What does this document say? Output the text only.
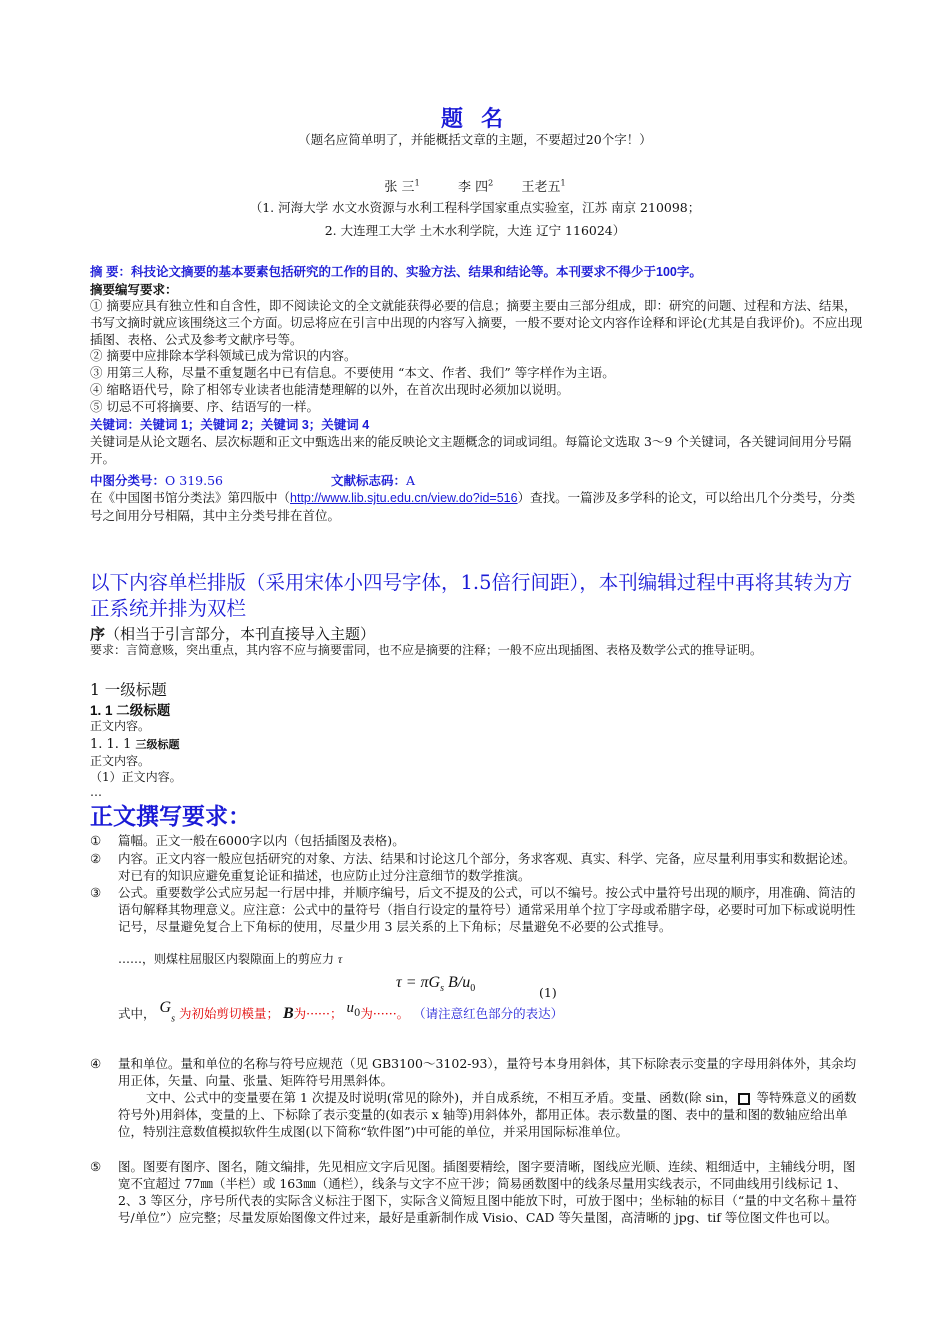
题 名
（题名应简单明了，并能概括文章的主题，不要超过20个字！）
张 三$^1$	李 四$^2$ 王老五$^1$
（1. 河海大学 水文水资源与水利工程科学国家重点实验室，江苏 南京 210098；
2. 大连理工大学 土木水利学院，大连 辽宁 116024）
摘 要：科技论文摘要的基本要素包括研究的工作的目的、实验方法、结果和结论等。本刊要求不得少于100字。
摘要编写要求：
① 摘要应具有独立性和自含性，即不阅读论文的全文就能获得必要的信息；摘要主要由三部分组成，即：研究的问题、过程和方法、结果，书写文摘时就应该围绕这三个方面。切忌将应在引言中出现的内容写入摘要，一般不要对论文内容作诠释和评论(尤其是自我评价)。不应出现插图、表格、公式及参考文献序号等。
② 摘要中应排除本学科领域已成为常识的内容。
③ 用第三人称，尽量不重复题名中已有信息。不要使用 “本文、作者、我们” 等字样作为主语。
④ 缩略语代号，除了相邻专业读者也能清楚理解的以外，在首次出现时必须加以说明。
⑤ 切忌不可将摘要、序、结语写的一样。
关键词：关键词 1；关键词 2；关键词 3；关键词 4
关键词是从论文题名、层次标题和正文中甄选出来的能反映论文主题概念的词或词组。每篇论文选取 3～9 个关键词，各关键词间用分号隔开。
中图分类号：O 319.56	文献标志码：A
在《中国图书馆分类法》第四版中（http://www.lib.sjtu.edu.cn/view.do?id=516）查找。一篇涉及多学科的论文，可以给出几个分类号，分类号之间用分号相隔，其中主分类号排在首位。
以下内容单栏排版（采用宋体小四号字体，1.5倍行间距），本刊编辑过程中再将其转为方正系统并排为双栏
序（相当于引言部分，本刊直接导入主题）
要求：言简意赅，突出重点，其内容不应与摘要雷同，也不应是摘要的注释；一般不应出现插图、表格及数学公式的推导证明。
1 一级标题
1. 1 二级标题
正文内容。
1. 1. 1 三级标题
正文内容。
（1）正文内容。
…
正文撰写要求：
①	篇幅。正文一般在6000字以内（包括插图及表格)。
②	内容。正文内容一般应包括研究的对象、方法、结果和讨论这几个部分，务求客观、真实、科学、完备，应尽量利用事实和数据论述。对已有的知识应避免重复论证和描述，也应防止过分注意细节的数学推演。
③	公式。重要数学公式应另起一行居中排，并顺序编号，后文不提及的公式，可以不编号。按公式中量符号出现的顺序，用准确、简洁的语句解释其物理意义。应注意：公式中的量符号（指自行设定的量符号）通常采用单个拉丁字母或希腊字母，必要时可加下标或说明性记号，尽量避免复合上下角标的使用，尽量少用 3 层关系的上下角标；尽量避免不必要的公式推导。
……，则煤柱屈服区内裂隙面上的剪应力 τ
$\tau = \pi G_s$ $B/u_0$	(1)
式中， $G_s$ 为初始剪切模量； B为······； $u_0$为······。 （请注意红色部分的表达）
④	量和单位。量和单位的名称与符号应规范（见 GB3100～3102-93），量符号本身用斜体，其下标除表示变量的字母用斜体外，其余均用正体，矢量、向量、张量、矩阵符号用黑斜体。
文中、公式中的变量要在第 1 次提及时说明(常见的除外)，并自成系统，不相互矛盾。变量、函数(除 sin， 等特殊意义的函数符号外)用斜体，变量的上、下标除了表示变量的(如表示 x 轴等)用斜体外，都用正体。表示数量的图、表中的量和图的数轴应给出单位，特别注意数值模拟软件生成图(以下简称“软件图”)中可能的单位，并采用国际标准单位。
⑤	图。图要有图序、图名，随文编排，先见相应文字后见图。插图要精绘，图字要清晰，图线应光顺、连续、粗细适中，主辅线分明，图宽不宜超过 77㎜（半栏）或 163㎜（通栏），线条与文字不应干涉；简易函数图中的线条尽量用实线表示，不同曲线用引线标记 1、2、3 等区分，序号所代表的实际含义标注于图下，实际含义简短且图中能放下时，可放于图中；坐标轴的标目（“量的中文名称＋量符号/单位”）应完整；尽量发原始图像文件过来，最好是重新制作成 Visio、CAD 等矢量图，高清晰的 jpg、tif 等位图文件也可以。
